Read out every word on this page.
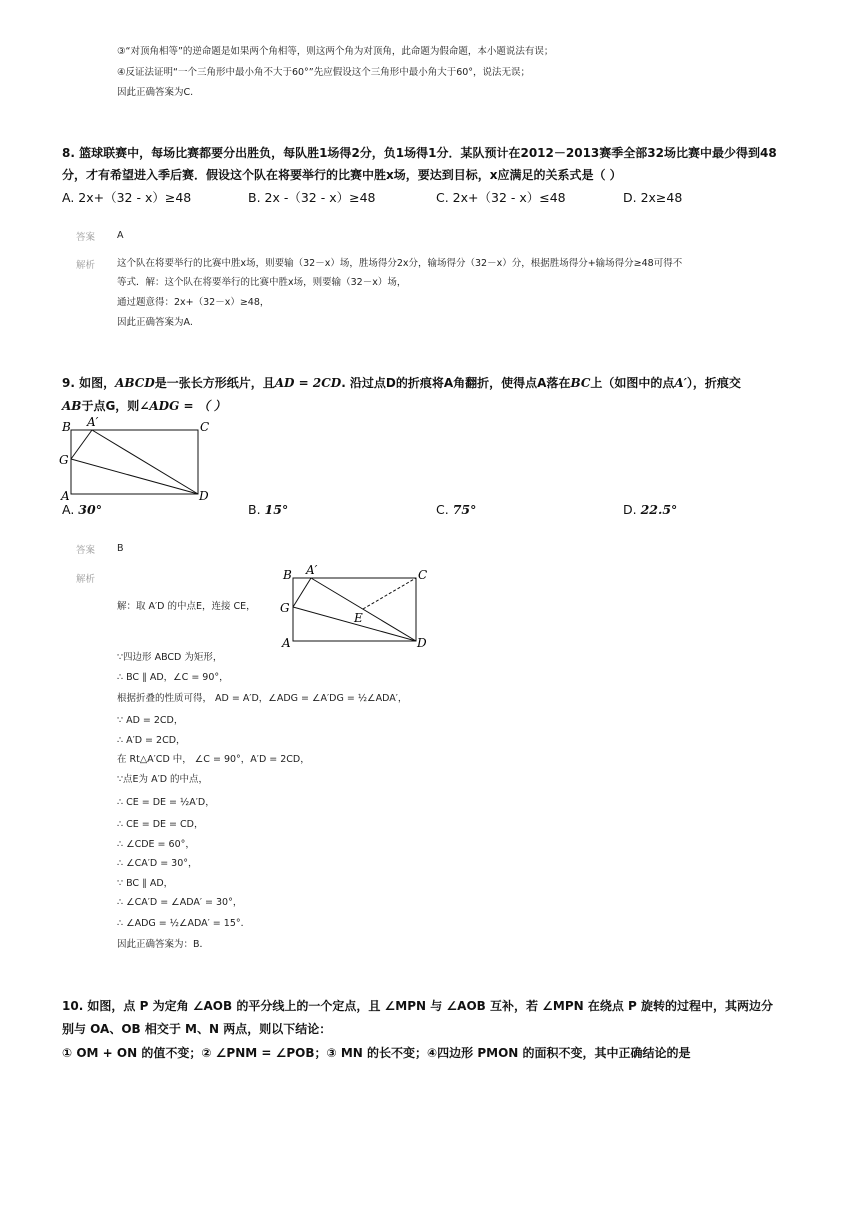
③“对顶角相等”的逆命题是如果两个角相等，则这两个角为对顶角，此命题为假命题，本小题说法有误；
④反证法证明“一个三角形中最小角不大于60°”先应假设这个三角形中最小角大于60°，说法无误；
因此正确答案为C.
8. 篮球联赛中，每场比赛都要分出胜负，每队胜1场得2分，负1场得1分．某队预计在2012－2013赛季全部32场比赛中最少得到48
分，才有希望进入季后赛．假设这个队在将要举行的比赛中胜x场，要达到目标，x应满足的关系式是（ ）
A. 2x+（32 - x）≥48	B. 2x -（32 - x）≥48	C. 2x+（32 - x）≤48	D. 2x≥48
答案 A
解析 这个队在将要举行的比赛中胜x场，则要输（32－x）场，胜场得分2x分，输场得分（32－x）分，根据胜场得分+输场得分≥48可得不
等式．解：这个队在将要举行的比赛中胜x场，则要输（32－x）场，
通过题意得：2x+（32－x）≥48，
因此正确答案为A.
9. 如图，ABCD是一张长方形纸片，且AD = 2CD. 沿过点D的折痕将A角翻折，使得点A落在BC上（如图中的点A′），折痕交
AB于点G，则∠ADG = （ ）
B A′	C
G
A	D
A. 30°	B. 15°	C. 75°	D. 22.5°
答案 B
解析	B A′	C
G
A	D
E
解：取 A′D 的中点E，连接 CE，
∵四边形 ABCD 为矩形，
∴ BC ∥ AD，∠C = 90°，
根据折叠的性质可得， AD = A′D，∠ADG = ∠A′DG = ½∠ADA′，
∵ AD = 2CD，
∴ A′D = 2CD，
在 Rt△A′CD 中， ∠C = 90°，A′D = 2CD，
∵点E为 A′D 的中点，
∴ CE = DE = ½A′D，
∴ CE = DE = CD，
∴ ∠CDE = 60°，
∴ ∠CA′D = 30°，
∵ BC ∥ AD，
∴ ∠CA′D = ∠ADA′ = 30°，
∴ ∠ADG = ½∠ADA′ = 15°．
因此正确答案为：B．
10. 如图，点 P 为定角 ∠AOB 的平分线上的一个定点，且 ∠MPN 与 ∠AOB 互补，若 ∠MPN 在绕点 P 旋转的过程中，其两边分
别与 OA、OB 相交于 M、N 两点，则以下结论：
① OM + ON 的值不变；② ∠PNM = ∠POB；③ MN 的长不变；④四边形 PMON 的面积不变，其中正确结论的是
